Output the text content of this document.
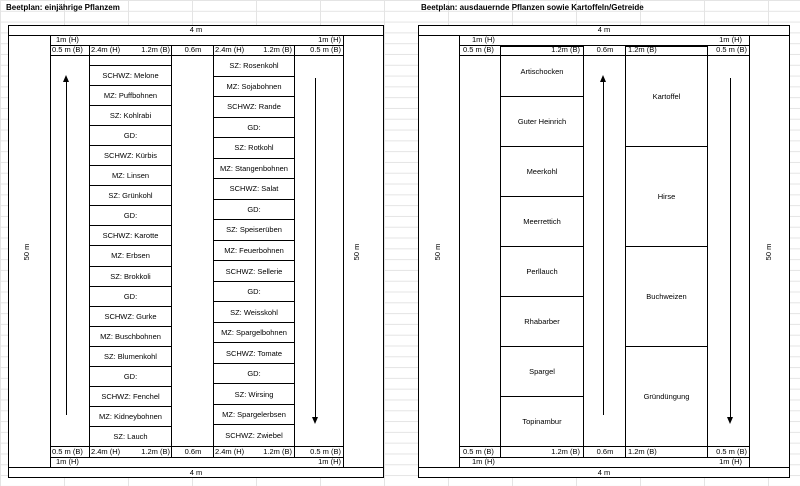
Beetplan: einjährige Pflanzem
4 m
4 m
50 m	50 m
1m (H)	1m (H)
0.5 m (B) 2.4m (H)	1.2m (B)	0.6m	2.4m (H)	1.2m (B)	0.5 m (B)
0.5 m (B) 2.4m (H)	1.2m (B)	0.6m	2.4m (H)	1.2m (B)	0.5 m (B)
1m (H)	1m (H)
SCHWZ: Melone
MZ: Puffbohnen
SZ: Kohlrabi
GD:
SCHWZ: Kürbis
MZ: Linsen
SZ: Grünkohl
GD:
SCHWZ: Karotte
MZ: Erbsen
SZ: Brokkoli
GD:
SCHWZ: Gurke
MZ: Buschbohnen
SZ: Blumenkohl
GD:
SCHWZ: Fenchel
MZ: Kidneybohnen
SZ: Lauch
SZ: Rosenkohl
MZ: Sojabohnen
SCHWZ: Rande
GD:
SZ: Rotkohl
MZ: Stangenbohnen
SCHWZ: Salat
GD:
SZ: Speiserüben
MZ: Feuerbohnen
SCHWZ: Sellerie
GD:
SZ: Weisskohl
MZ: Spargelbohnen
SCHWZ: Tomate
GD:
SZ: Wirsing
MZ: Spargelerbsen
SCHWZ: Zwiebel
Beetplan: ausdauernde Pflanzen sowie Kartoffeln/Getreide
4 m
4 m
50 m	50 m
1m (H)	1m (H)
0.5 m (B)	1.2m (B)	0.6m	1.2m (B)	0.5 m (B)
0.5 m (B)	1.2m (B)	0.6m	1.2m (B)	0.5 m (B)
1m (H)	1m (H)
Artischocken
Guter Heinrich
Meerkohl
Meerrettich
Perllauch
Rhabarber
Spargel
Topinambur
Kartoffel
Hirse
Buchweizen
Gründüngung
